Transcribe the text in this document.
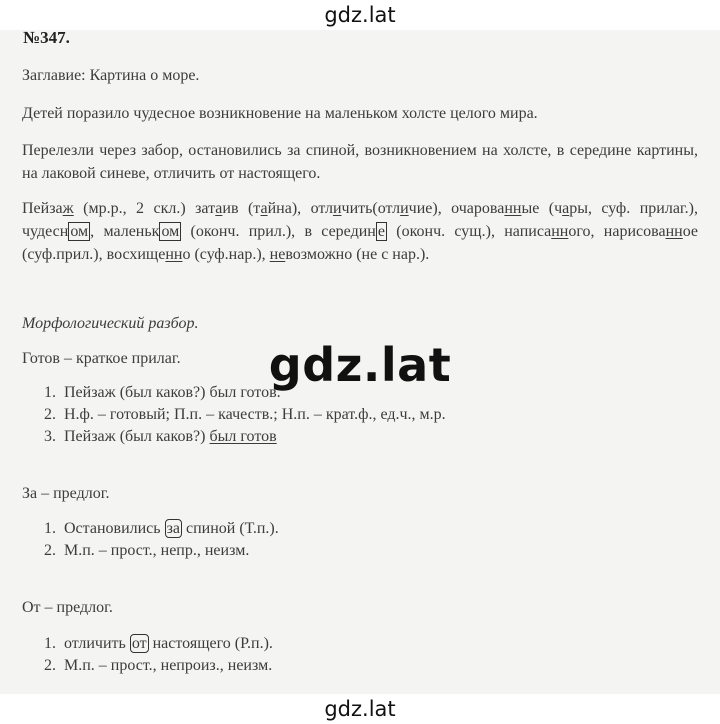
gdz.lat
№347.
Заглавие: Картина о море.
Детей поразило чудесное возникновение на маленьком холсте целого мира.
Перелезли через забор, остановились за спиной, возникновением на холсте, в середине картины, на лаковой синеве, отличить от настоящего.
Пейзаж (мр.р., 2 скл.) затаив (тайна), отличить(отличие), очарованные (чары, суф. прилаг.), чудесн ом , маленьк ом (оконч. прил.), в середин е (оконч. сущ.), написанного, нарисованное (суф.прил.), восхищенно (суф.нар.), невозможно (не с нар.).
Морфологический разбор.
Готов – краткое прилаг.
1. Пейзаж (был каков?) был готов.
2. Н.ф. – готовый; П.п. – качеств.; Н.п. – крат.ф., ед.ч., м.р.
3. Пейзаж (был каков?) был готов
За – предлог.
1. Остановились за спиной (Т.п.).
2. М.п. – прост., непр., неизм.
От – предлог.
1. отличить от настоящего (Р.п.).
2. М.п. – прост., непроиз., неизм.
gdz.lat
gdz.lat
